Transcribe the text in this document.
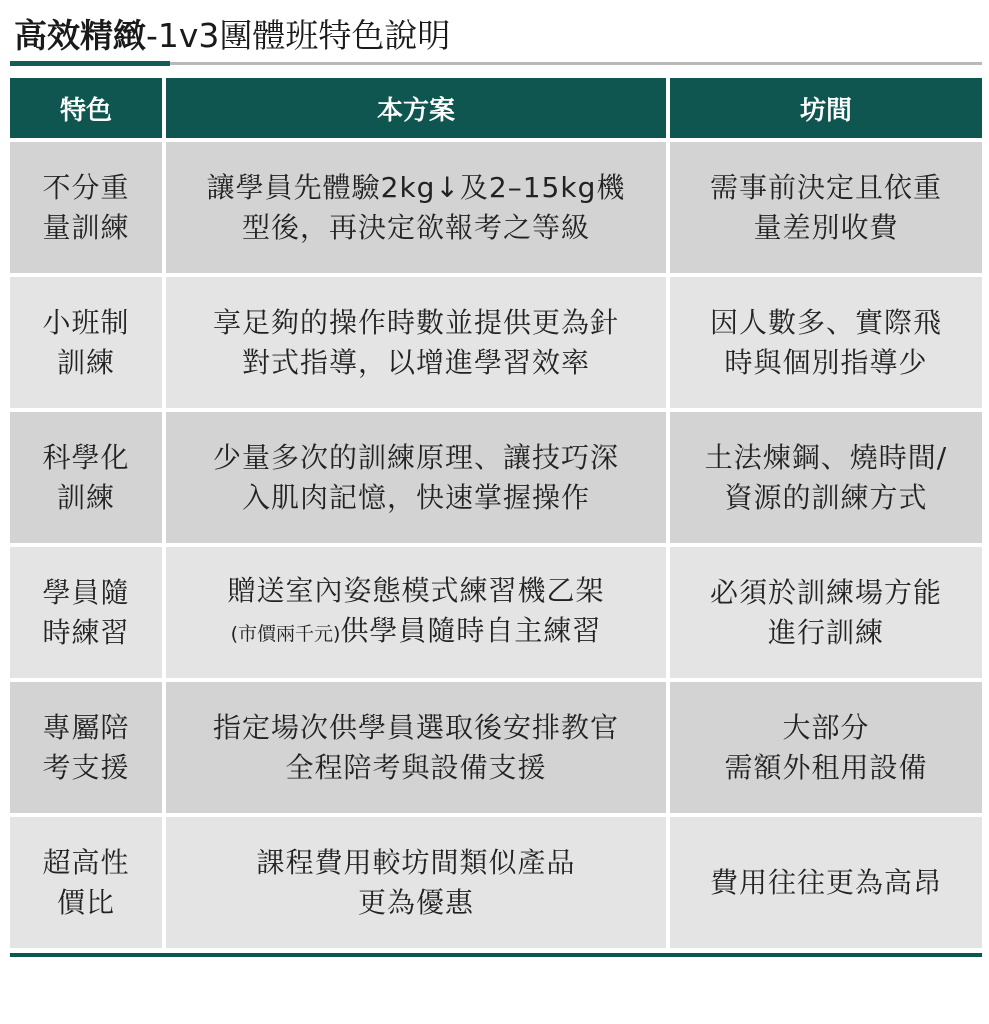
高效精緻-1v3團體班特色說明
特色	本方案	坊間
不分重
量訓練
讓學員先體驗2kg↓及2–15kg機
型後，再決定欲報考之等級
需事前決定且依重
量差別收費
小班制
訓練
享足夠的操作時數並提供更為針
對式指導，以增進學習效率
因人數多、實際飛
時與個別指導少
科學化
訓練
少量多次的訓練原理、讓技巧深
入肌肉記憶，快速掌握操作
土法煉鋼、燒時間/
資源的訓練方式
學員隨
時練習
贈送室內姿態模式練習機乙架
(市價兩千元)供學員隨時自主練習
必須於訓練場方能
進行訓練
專屬陪
考支援
指定場次供學員選取後安排教官
全程陪考與設備支援
大部分
需額外租用設備
超高性
價比
課程費用較坊間類似產品
更為優惠
費用往往更為高昂
